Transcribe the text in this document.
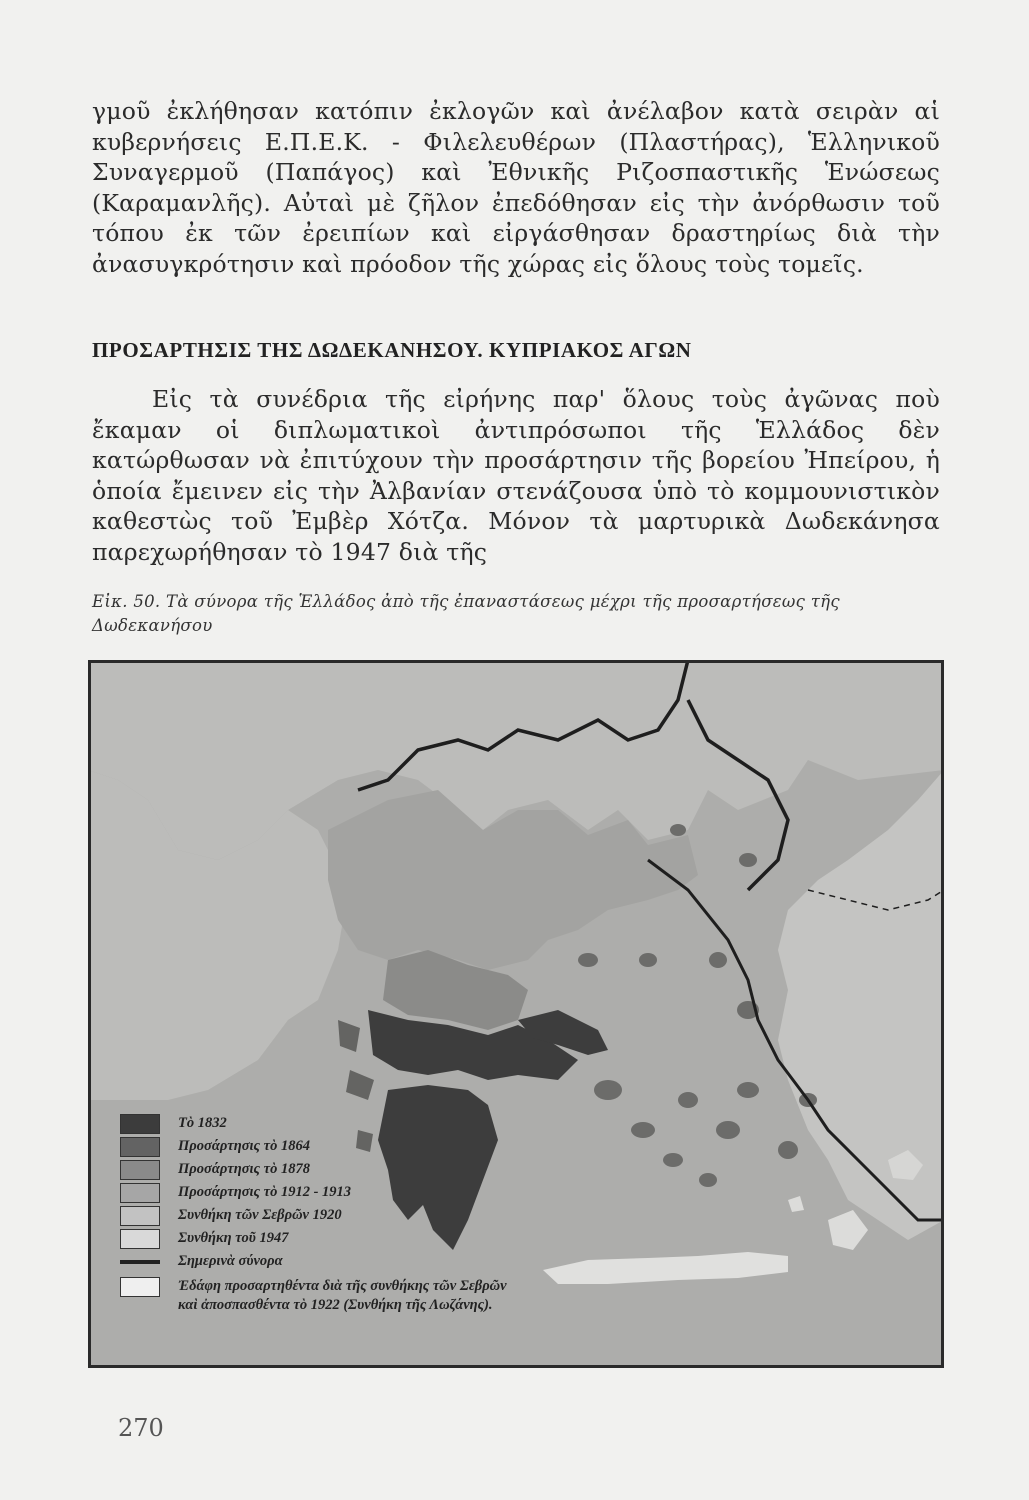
γμοῦ ἐκλήθησαν κατόπιν ἐκλογῶν καὶ ἀνέλαβον κατὰ σειρὰν αἱ κυβερνήσεις Ε.Π.Ε.Κ. - Φιλελευθέρων (Πλαστήρας), Ἑλληνικοῦ Συναγερμοῦ (Παπάγος) καὶ Ἐθνικῆς Ριζοσπαστικῆς Ἑνώσεως (Καραμανλῆς). Αὐταὶ μὲ ζῆλον ἐπεδόθησαν εἰς τὴν ἀνόρθωσιν τοῦ τόπου ἐκ τῶν ἐρειπίων καὶ εἰργάσθησαν δραστηρίως διὰ τὴν ἀνασυγκρότησιν καὶ πρόοδον τῆς χώρας εἰς ὅλους τοὺς τομεῖς.

ΠΡΟΣΑΡΤΗΣΙΣ ΤΗΣ ΔΩΔΕΚΑΝΗΣΟΥ. ΚΥΠΡΙΑΚΟΣ ΑΓΩΝ

Εἰς τὰ συνέδρια τῆς εἰρήνης παρ' ὅλους τοὺς ἀγῶνας ποὺ ἔκαμαν οἱ διπλωματικοὶ ἀντιπρόσωποι τῆς Ἑλλάδος δὲν κατώρθωσαν νὰ ἐπιτύχουν τὴν προσάρτησιν τῆς βορείου Ἠπείρου, ἡ ὁποία ἔμεινεν εἰς τὴν Ἀλβανίαν στενάζουσα ὑπὸ τὸ κομμουνιστικὸν καθεστὼς τοῦ Ἐμβὲρ Χότζα. Μόνον τὰ μαρτυρικὰ Δωδεκάνησα παρεχωρήθησαν τὸ 1947 διὰ τῆς

Εἰκ. 50. Τὰ σύνορα τῆς Ἑλλάδος ἀπὸ τῆς ἐπαναστάσεως μέχρι τῆς προσαρτήσεως τῆς Δωδεκανήσου
Τὸ 1832
Προσάρτησις τὸ 1864
Προσάρτησις τὸ 1878
Προσάρτησις τὸ 1912 - 1913
Συνθήκη τῶν Σεβρῶν 1920
Συνθήκη τοῦ 1947
Σημερινὰ σύνορα
Ἐδάφη προσαρτηθέντα διὰ τῆς συνθήκης τῶν Σεβρῶν
καὶ ἀποσπασθέντα τὸ 1922 (Συνθήκη τῆς Λωζάνης).
270
